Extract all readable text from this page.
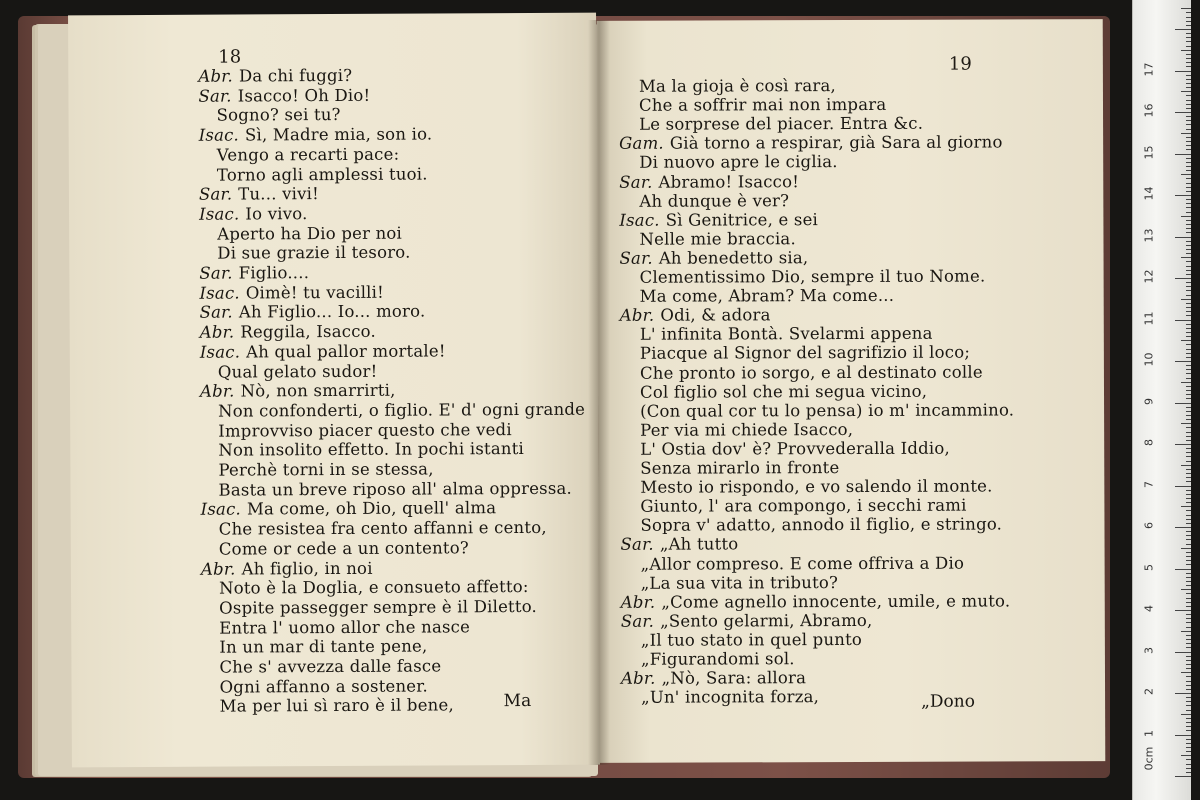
18
Abr. Da chi fuggi?
Sar. Isacco! Oh Dio!
Sogno? sei tu?
Isac. Sì, Madre mia, son io.
Vengo a recarti pace:
Torno agli amplessi tuoi.
Sar. Tu... vivi!
Isac. Io vivo.
Aperto ha Dio per noi
Di sue grazie il tesoro.
Sar. Figlio....
Isac. Oimè! tu vacilli!
Sar. Ah Figlio... Io... moro.
Abr. Reggila, Isacco.
Isac. Ah qual pallor mortale!
Qual gelato sudor!
Abr. Nò, non smarrirti,
Non confonderti, o figlio. E' d' ogni grande
Improvviso piacer questo che vedi
Non insolito effetto. In pochi istanti
Perchè torni in se stessa,
Basta un breve riposo all' alma oppressa.
Isac. Ma come, oh Dio, quell' alma
Che resistea fra cento affanni e cento,
Come or cede a un contento?
Abr. Ah figlio, in noi
Noto è la Doglia, e consueto affetto:
Ospite passegger sempre è il Diletto.
Entra l' uomo allor che nasce
In un mar di tante pene,
Che s' avvezza dalle fasce
Ogni affanno a sostener.
Ma per lui sì raro è il bene,	Ma
19
Ma la gioja è così rara,
Che a soffrir mai non impara
Le sorprese del piacer. Entra &c.
Gam. Già torno a respirar, già Sara al giorno
Di nuovo apre le ciglia.
Sar. Abramo! Isacco!
Ah dunque è ver?
Isac. Sì Genitrice, e sei
Nelle mie braccia.
Sar. Ah benedetto sia,
Clementissimo Dio, sempre il tuo Nome.
Ma come, Abram? Ma come...
Abr. Odi, & adora
L' infinita Bontà. Svelarmi appena
Piacque al Signor del sagrifizio il loco;
Che pronto io sorgo, e al destinato colle
Col figlio sol che mi segua vicino,
(Con qual cor tu lo pensa) io m' incammino.
Per via mi chiede Isacco,
L' Ostia dov' è? Provvederalla Iddio,
Senza mirarlo in fronte
Mesto io rispondo, e vo salendo il monte.
Giunto, l' ara compongo, i secchi rami
Sopra v' adatto, annodo il figlio, e stringo.
Sar. „Ah tutto
„Allor compreso. E come offriva a Dio
„La sua vita in tributo?
Abr. „Come agnello innocente, umile, e muto.
Sar. „Sento gelarmi, Abramo,
„Il tuo stato in quel punto
„Figurandomi sol.
Abr. „Nò, Sara: allora
„Un' incognita forza,	„Dono
17
16
15
14
13
12
11
10
9
8
7
6
5
4
3
2
1
0cm
